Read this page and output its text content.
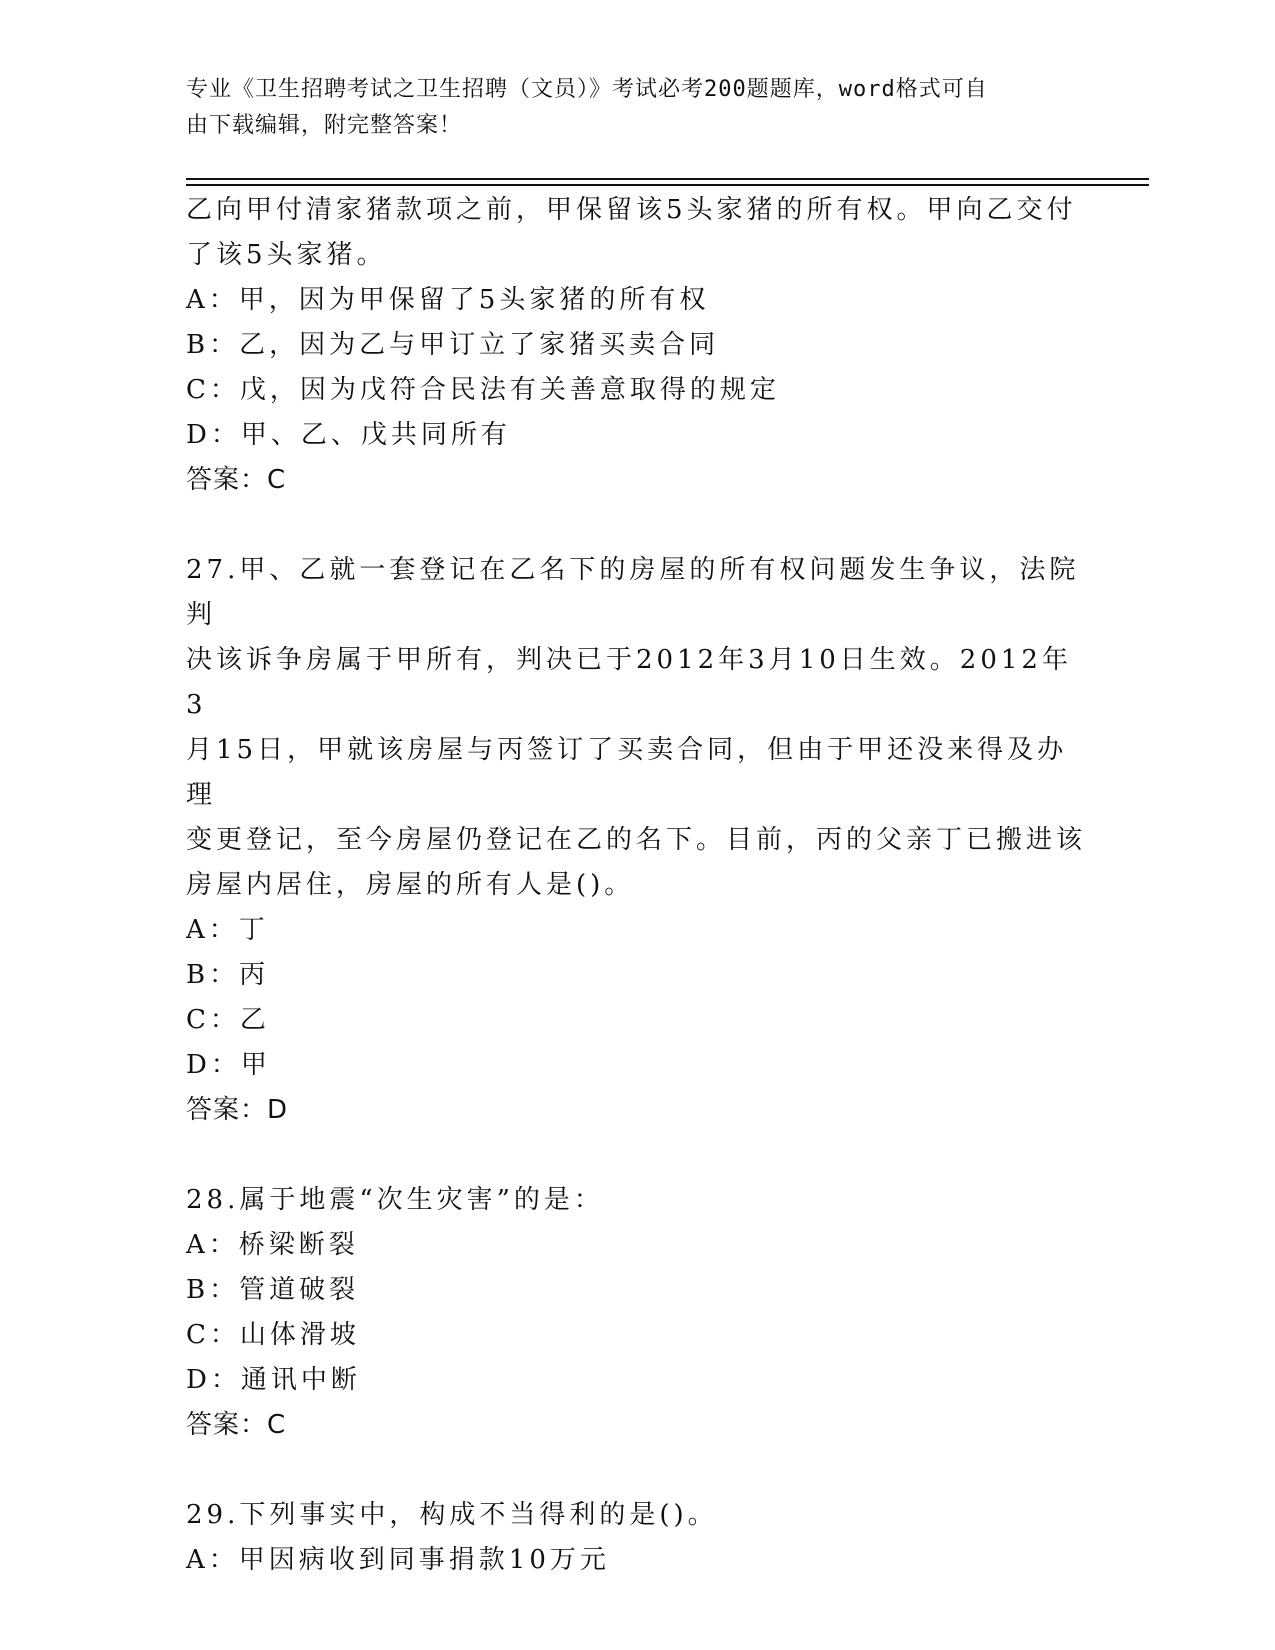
专业《卫生招聘考试之卫生招聘（文员）》考试必考200题题库，word格式可自
由下载编辑，附完整答案！
乙向甲付清家猪款项之前，甲保留该5头家猪的所有权。甲向乙交付
了该5头家猪。
A：甲，因为甲保留了5头家猪的所有权
B：乙，因为乙与甲订立了家猪买卖合同
C：戊，因为戊符合民法有关善意取得的规定
D：甲、乙、戊共同所有
答案：C
27.甲、乙就一套登记在乙名下的房屋的所有权问题发生争议，法院判
决该诉争房属于甲所有，判决已于2012年3月10日生效。2012年3
月15日，甲就该房屋与丙签订了买卖合同，但由于甲还没来得及办理
变更登记，至今房屋仍登记在乙的名下。目前，丙的父亲丁已搬进该
房屋内居住，房屋的所有人是()。
A：丁
B：丙
C：乙
D：甲
答案：D
28.属于地震“次生灾害”的是：
A：桥梁断裂
B：管道破裂
C：山体滑坡
D：通讯中断
答案：C
29.下列事实中，构成不当得利的是()。
A：甲因病收到同事捐款10万元
